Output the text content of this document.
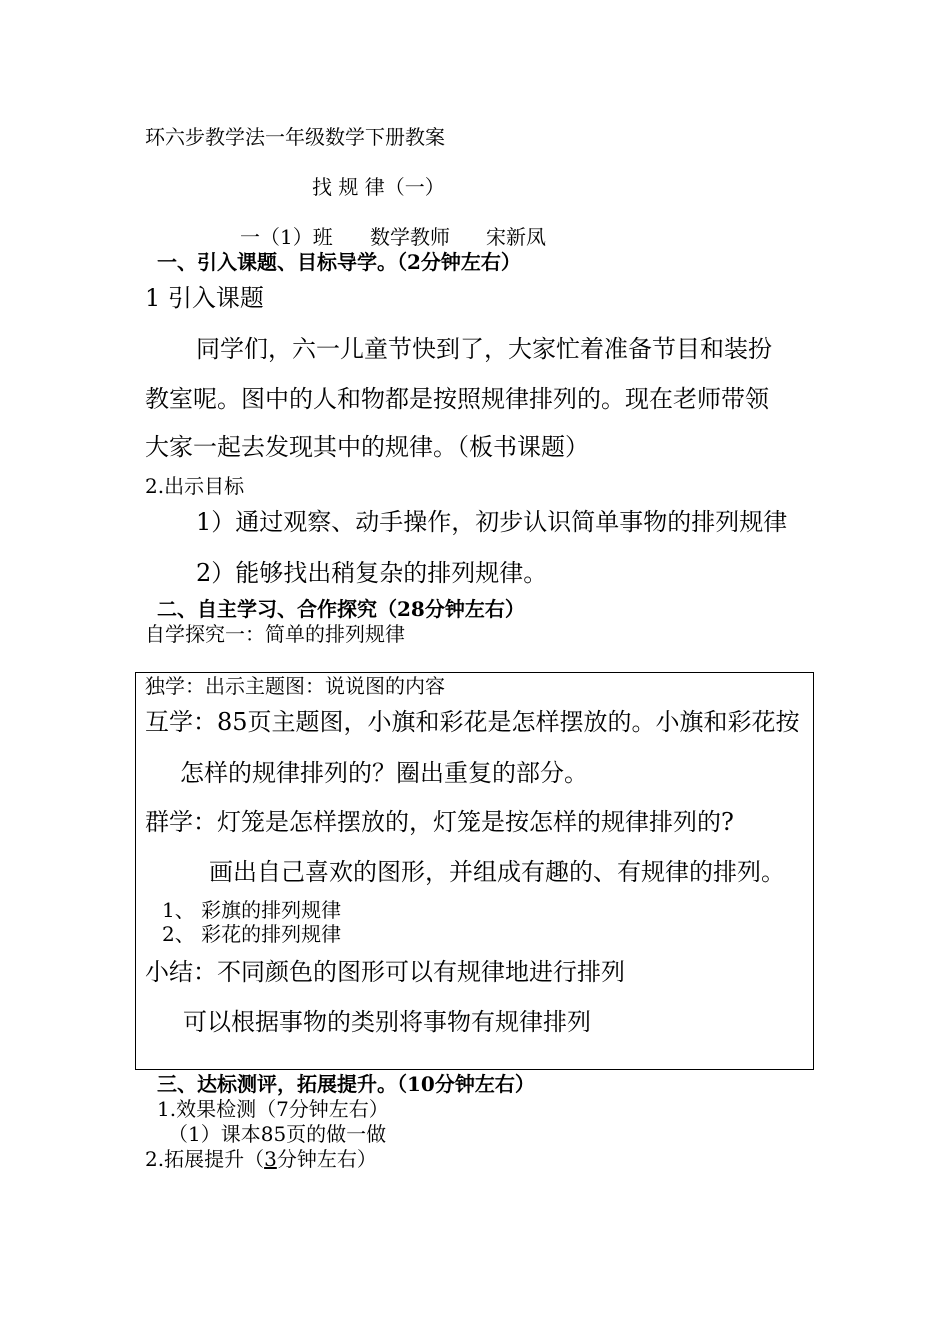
环六步教学法一年级数学下册教案
找 规 律（一）
一（1）班 数学教师 宋新凤
一、引入课题、目标导学。（2分钟左右）
1 引入课题
同学们，六一儿童节快到了，大家忙着准备节目和装扮
教室呢。图中的人和物都是按照规律排列的。现在老师带领
大家一起去发现其中的规律。（板书课题）
2.出示目标
1）通过观察、动手操作，初步认识简单事物的排列规律
2）能够找出稍复杂的排列规律。
二、自主学习、合作探究（28分钟左右）
自学探究一：简单的排列规律
独学：出示主题图：说说图的内容
互学：85页主题图，小旗和彩花是怎样摆放的。小旗和彩花按
怎样的规律排列的？圈出重复的部分。
群学：灯笼是怎样摆放的，灯笼是按怎样的规律排列的?
画出自己喜欢的图形，并组成有趣的、有规律的排列。
1、 彩旗的排列规律
2、 彩花的排列规律
小结：不同颜色的图形可以有规律地进行排列
可以根据事物的类别将事物有规律排列
三、达标测评，拓展提升。（10分钟左右）
1.效果检测（7分钟左右）
（1）课本85页的做一做
2.拓展提升（3分钟左右）
